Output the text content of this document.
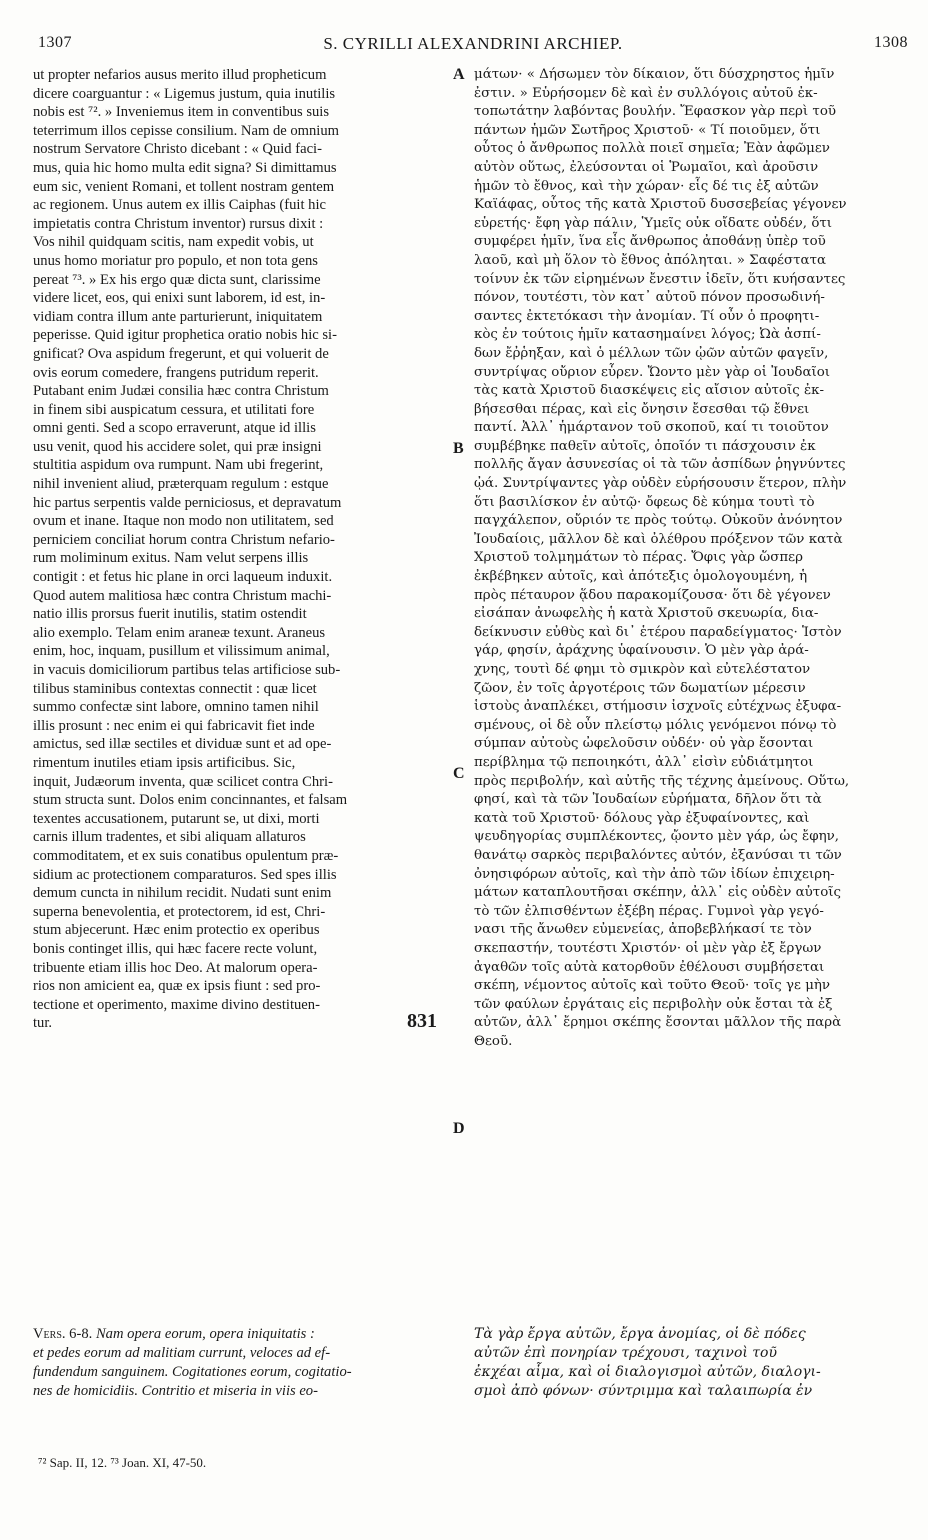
1307	S. CYRILLI ALEXANDRINI ARCHIEP.	1308
ut propter nefarios ausus merito illud propheticum
dicere coarguantur : « Ligemus justum, quia inutilis
nobis est ⁷². » Inveniemus item in conventibus suis
teterrimum illos cepisse consilium. Nam de omnium
nostrum Servatore Christo dicebant : « Quid faci-
mus, quia hic homo multa edit signa? Si dimittamus
eum sic, venient Romani, et tollent nostram gentem
ac regionem. Unus autem ex illis Caiphas (fuit hic
impietatis contra Christum inventor) rursus dixit :
Vos nihil quidquam scitis, nam expedit vobis, ut
unus homo moriatur pro populo, et non tota gens
pereat ⁷³. » Ex his ergo quæ dicta sunt, clarissime
videre licet, eos, qui enixi sunt laborem, id est, in-
vidiam contra illum ante parturierunt, iniquitatem
peperisse. Quid igitur prophetica oratio nobis hic si-
gnificat? Ova aspidum fregerunt, et qui voluerit de
ovis eorum comedere, frangens putridum reperit.
Putabant enim Judæi consilia hæc contra Christum
in finem sibi auspicatum cessura, et utilitati fore
omni genti. Sed a scopo erraverunt, atque id illis
usu venit, quod his accidere solet, qui præ insigni
stultitia aspidum ova rumpunt. Nam ubi fregerint,
nihil invenient aliud, præterquam regulum : estque
hic partus serpentis valde perniciosus, et depravatum
ovum et inane. Itaque non modo non utilitatem, sed
perniciem conciliat horum contra Christum nefario-
rum moliminum exitus. Nam velut serpens illis
contigit : et fetus hic plane in orci laqueum induxit.
Quod autem malitiosa hæc contra Christum machi-
natio illis prorsus fuerit inutilis, statim ostendit
alio exemplo. Telam enim araneæ texunt. Araneus
enim, hoc, inquam, pusillum et vilissimum animal,
in vacuis domiciliorum partibus telas artificiose sub-
tilibus staminibus contextas connectit : quæ licet
summo confectæ sint labore, omnino tamen nihil
illis prosunt : nec enim ei qui fabricavit fiet inde
amictus, sed illæ sectiles et dividuæ sunt et ad ope-
rimentum inutiles etiam ipsis artificibus. Sic,
inquit, Judæorum inventa, quæ scilicet contra Chri-
stum structa sunt. Dolos enim concinnantes, et falsam
texentes accusationem, putarunt se, ut dixi, morti
carnis illum tradentes, et sibi aliquam allaturos
commoditatem, et ex suis conatibus opulentum præ-
sidium ac protectionem comparaturos. Sed spes illis
demum cuncta in nihilum recidit. Nudati sunt enim
superna benevolentia, et protectorem, id est, Chri-
stum abjecerunt. Hæc enim protectio ex operibus
bonis continget illis, qui hæc facere recte volunt,
tribuente etiam illis hoc Deo. At malorum opera-
rios non amicient ea, quæ ex ipsis fiunt : sed pro-
tectione et operimento, maxime divino destituen-
tur.
μάτων· « Δήσωμεν τὸν δίκαιον, ὅτι δύσχρηστος ἡμῖν
ἐστιν. » Εὑρήσομεν δὲ καὶ ἐν συλλόγοις αὐτοῦ ἐκ-
τοπωτάτην λαβόντας βουλήν. Ἔφασκον γὰρ περὶ τοῦ
πάντων ἡμῶν Σωτῆρος Χριστοῦ· « Τί ποιοῦμεν, ὅτι
οὗτος ὁ ἄνθρωπος πολλὰ ποιεῖ σημεῖα; Ἐὰν ἀφῶμεν
αὐτὸν οὕτως, ἐλεύσονται οἱ Ῥωμαῖοι, καὶ ἀροῦσιν
ἡμῶν τὸ ἔθνος, καὶ τὴν χώραν· εἷς δέ τις ἐξ αὐτῶν
Καϊάφας, οὗτος τῆς κατὰ Χριστοῦ δυσσεβείας γέγονεν
εὑρετής· ἔφη γὰρ πάλιν, Ὑμεῖς οὐκ οἴδατε οὐδέν, ὅτι
συμφέρει ἡμῖν, ἵνα εἷς ἄνθρωπος ἀποθάνῃ ὑπὲρ τοῦ
λαοῦ, καὶ μὴ ὅλον τὸ ἔθνος ἀπόληται. » Σαφέστατα
τοίνυν ἐκ τῶν εἰρημένων ἔνεστιν ἰδεῖν, ὅτι κυήσαντες
πόνον, τουτέστι, τὸν κατ᾽ αὐτοῦ πόνον προσωδινή-
σαντες ἐκτετόκασι τὴν ἀνομίαν. Τί οὖν ὁ προφητι-
κὸς ἐν τούτοις ἡμῖν κατασημαίνει λόγος; Ὠὰ ἀσπί-
δων ἔῤῥηξαν, καὶ ὁ μέλλων τῶν ᾠῶν αὐτῶν φαγεῖν,
συντρίψας οὔριον εὗρεν. Ὤοντο μὲν γὰρ οἱ Ἰουδαῖοι
τὰς κατὰ Χριστοῦ διασκέψεις εἰς αἴσιον αὐτοῖς ἐκ-
βήσεσθαι πέρας, καὶ εἰς ὄνησιν ἔσεσθαι τῷ ἔθνει
παντί. Ἀλλ᾽ ἡμάρτανον τοῦ σκοποῦ, καί τι τοιοῦτον
συμβέβηκε παθεῖν αὐτοῖς, ὁποῖόν τι πάσχουσιν ἐκ
πολλῆς ἄγαν ἀσυνεσίας οἱ τὰ τῶν ἀσπίδων ῥηγνύντες
ᾠά. Συντρίψαντες γὰρ οὐδὲν εὑρήσουσιν ἕτερον, πλὴν
ὅτι βασιλίσκον ἐν αὐτῷ· ὄφεως δὲ κύημα τουτὶ τὸ
παγχάλεπον, οὔριόν τε πρὸς τούτῳ. Οὐκοῦν ἀνόνητον
Ἰουδαίοις, μᾶλλον δὲ καὶ ὀλέθρου πρόξενον τῶν κατὰ
Χριστοῦ τολμημάτων τὸ πέρας. Ὄφις γὰρ ὥσπερ
ἐκβέβηκεν αὐτοῖς, καὶ ἀπότεξις ὁμολογουμένη, ἡ
πρὸς πέταυρον ᾅδου παρακομίζουσα· ὅτι δὲ γέγονεν
εἰσάπαν ἀνωφελὴς ἡ κατὰ Χριστοῦ σκευωρία, δια-
δείκνυσιν εὐθὺς καὶ δι᾽ ἑτέρου παραδείγματος· Ἱστὸν
γάρ, φησίν, ἀράχνης ὑφαίνουσιν. Ὁ μὲν γὰρ ἀρά-
χνης, τουτὶ δέ φημι τὸ σμικρὸν καὶ εὐτελέστατον
ζῶον, ἐν τοῖς ἀργοτέροις τῶν δωματίων μέρεσιν
ἱστοὺς ἀναπλέκει, στήμοσιν ἰσχνοῖς εὐτέχνως ἐξυφα-
σμένους, οἱ δὲ οὖν πλείστῳ μόλις γενόμενοι πόνῳ τὸ
σύμπαν αὐτοὺς ὠφελοῦσιν οὐδέν· οὐ γὰρ ἔσονται
περίβλημα τῷ πεποιηκότι, ἀλλ᾽ εἰσὶν εὐδιάτμητοι
πρὸς περιβολήν, καὶ αὐτῆς τῆς τέχνης ἀμείνους. Οὕτω,
φησί, καὶ τὰ τῶν Ἰουδαίων εὑρήματα, δῆλον ὅτι τὰ
κατὰ τοῦ Χριστοῦ· δόλους γὰρ ἐξυφαίνοντες, καὶ
ψευδηγορίας συμπλέκοντες, ᾤοντο μὲν γάρ, ὡς ἔφην,
θανάτῳ σαρκὸς περιβαλόντες αὐτόν, ἐξανύσαι τι τῶν
ὀνησιφόρων αὐτοῖς, καὶ τὴν ἀπὸ τῶν ἰδίων ἐπιχειρη-
μάτων καταπλουτῆσαι σκέπην, ἀλλ᾽ εἰς οὐδὲν αὐτοῖς
τὸ τῶν ἐλπισθέντων ἐξέβη πέρας. Γυμνοὶ γὰρ γεγό-
νασι τῆς ἄνωθεν εὐμενείας, ἀποβεβλήκασί τε τὸν
σκεπαστήν, τουτέστι Χριστόν· οἱ μὲν γὰρ ἐξ ἔργων
ἀγαθῶν τοῖς αὐτὰ κατορθοῦν ἐθέλουσι συμβήσεται
σκέπη, νέμοντος αὐτοῖς καὶ τοῦτο Θεοῦ· τοῖς γε μὴν
τῶν φαύλων ἐργάταις εἰς περιβολὴν οὐκ ἔσται τὰ ἐξ
αὐτῶν, ἀλλ᾽ ἔρημοι σκέπης ἔσονται μᾶλλον τῆς παρὰ
Θεοῦ.
A
B
C
D
831
Vers. 6-8. Nam opera eorum, opera iniquitatis :
et pedes eorum ad malitiam currunt, veloces ad ef-
fundendum sanguinem. Cogitationes eorum, cogitatio-
nes de homicidiis. Contritio et miseria in viis eo-
Τὰ γὰρ ἔργα αὐτῶν, ἔργα ἀνομίας, οἱ δὲ πόδες
αὐτῶν ἐπὶ πονηρίαν τρέχουσι, ταχινοὶ τοῦ
ἐκχέαι αἷμα, καὶ οἱ διαλογισμοὶ αὐτῶν, διαλογι-
σμοὶ ἀπὸ φόνων· σύντριμμα καὶ ταλαιπωρία ἐν
⁷² Sap. II, 12. ⁷³ Joan. XI, 47-50.
